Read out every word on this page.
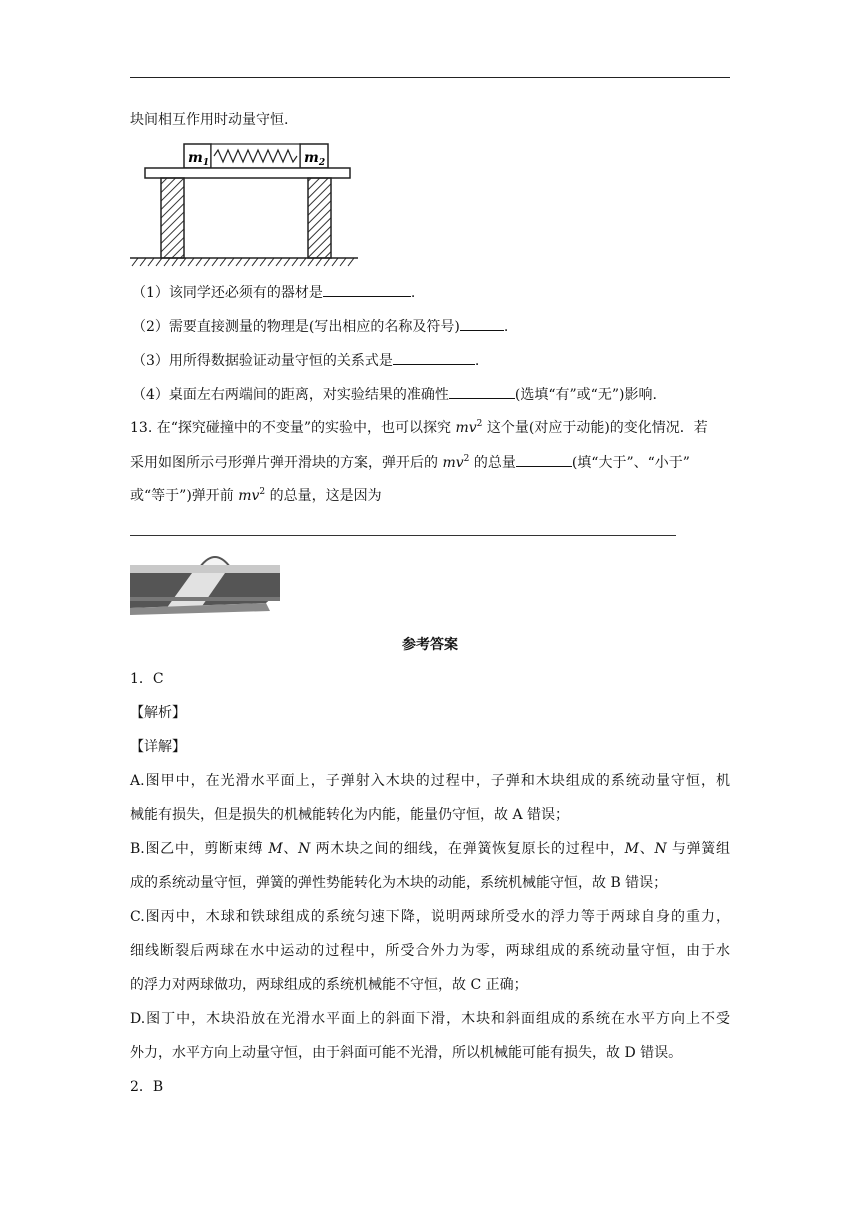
块间相互作用时动量守恒.
$m_1$	$m_2$
（1）该同学还必须有的器材是	.
（2）需要直接测量的物理是(写出相应的名称及符号)	.
（3）用所得数据验证动量守恒的关系式是	.
（4）桌面左右两端间的距离，对实验结果的准确性	(选填“有”或“无”)影响.
13. 在“探究碰撞中的不变量”的实验中，也可以探究 $mv^2$ 这个量(对应于动能)的变化情况．若
采用如图所示弓形弹片弹开滑块的方案，弹开后的 $mv^2$ 的总量	(填“大于”、“小于”
或“等于”)弹开前 $mv^2$ 的总量，这是因为
参考答案
1．C
【解析】
【详解】
A.图甲中，在光滑水平面上，子弹射入木块的过程中，子弹和木块组成的系统动量守恒，机
械能有损失，但是损失的机械能转化为内能，能量仍守恒，故 A 错误；
B.图乙中，剪断束缚 M、N 两木块之间的细线，在弹簧恢复原长的过程中，M、N 与弹簧组
成的系统动量守恒，弹簧的弹性势能转化为木块的动能，系统机械能守恒，故 B 错误；
C.图丙中，木球和铁球组成的系统匀速下降，说明两球所受水的浮力等于两球自身的重力，
细线断裂后两球在水中运动的过程中，所受合外力为零，两球组成的系统动量守恒，由于水
的浮力对两球做功，两球组成的系统机械能不守恒，故 C 正确；
D.图丁中，木块沿放在光滑水平面上的斜面下滑，木块和斜面组成的系统在水平方向上不受
外力，水平方向上动量守恒，由于斜面可能不光滑，所以机械能可能有损失，故 D 错误。
2．B
